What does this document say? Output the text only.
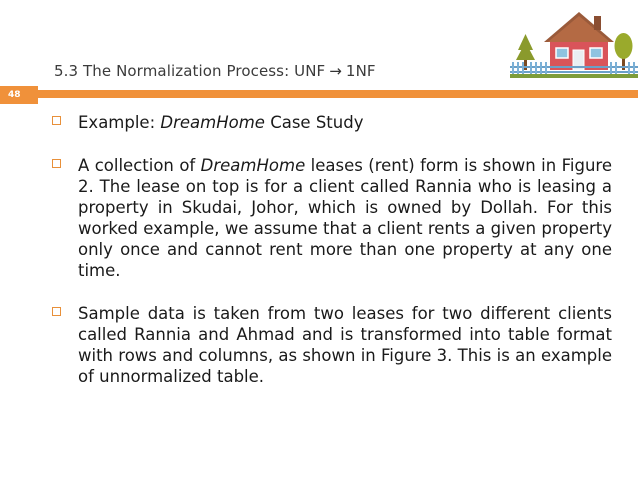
5.3 The Normalization Process: UNF → 1NF
48

Example: DreamHome Case Study

A collection of DreamHome leases (rent) form is shown in Figure 2. The lease on top is for a client called Rannia who is leasing a property in Skudai, Johor, which is owned by Dollah. For this worked example, we assume that a client rents a given property only once and cannot rent more than one property at any one time.

Sample data is taken from two leases for two different clients called Rannia and Ahmad and is transformed into table format with rows and columns, as shown in Figure 3. This is an example of unnormalized table.
